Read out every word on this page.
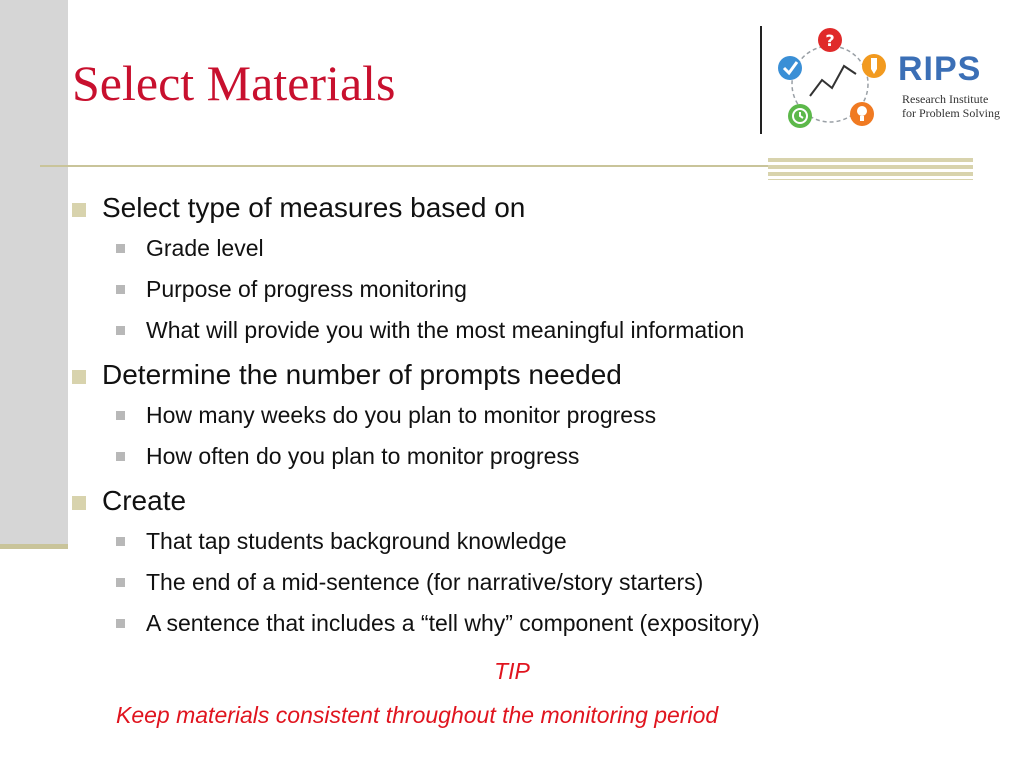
Select Materials
?

RIPS

Research Institute
for Problem Solving

Select type of measures based on
Grade level
Purpose of progress monitoring
What will provide you with the most meaningful information
Determine the number of prompts needed
How many weeks do you plan to monitor progress
How often do you plan to monitor progress
Create
That tap students background knowledge
The end of a mid-sentence (for narrative/story starters)
A sentence that includes a “tell why” component (expository)

TIP

Keep materials consistent throughout the monitoring period
